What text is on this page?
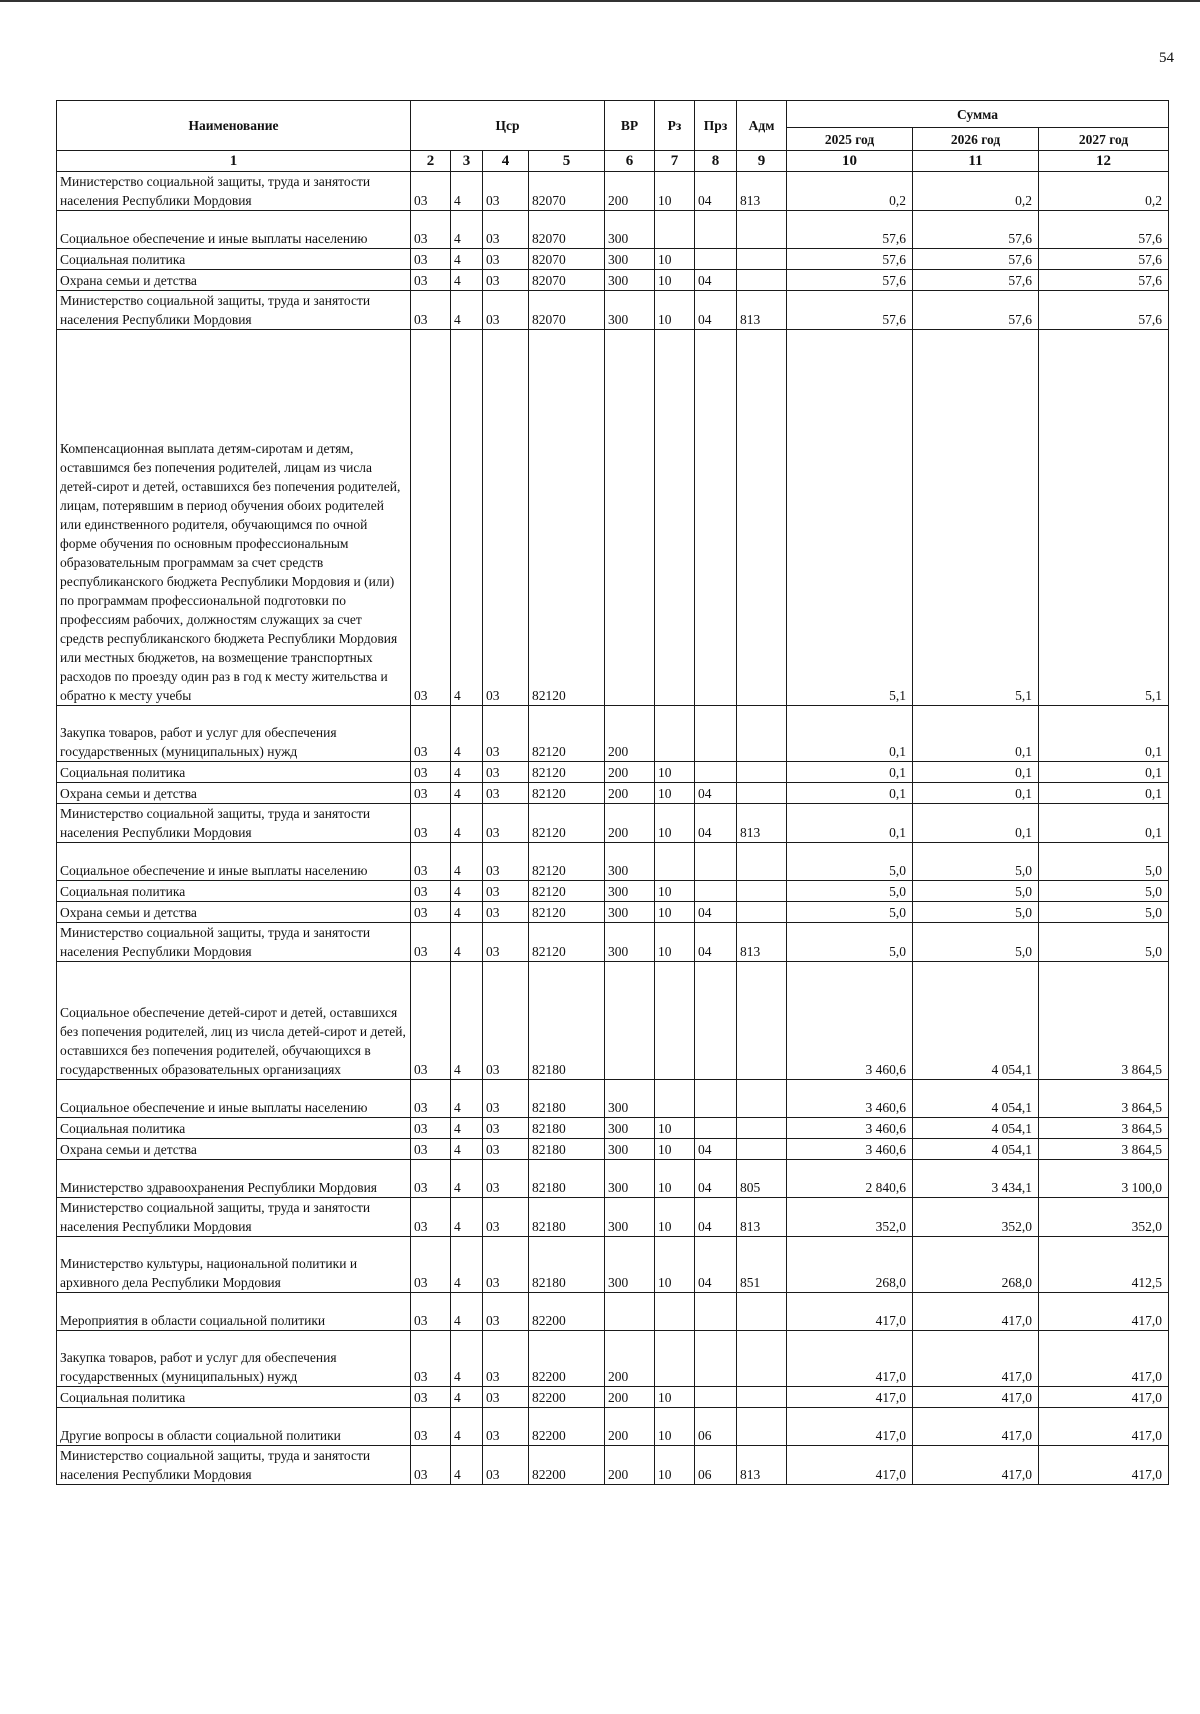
54
Наименование	Цср				ВР	Рз	Прз	Адм	Сумма		
									2025 год	2026 год	2027 год
1	2	3	4	5	6	7	8	9	10	11	12
Министерство социальной защиты, труда и занятости населения Республики Мордовия	03	4	03	82070	200	10	04	813	0,2	0,2	0,2
Социальное обеспечение и иные выплаты населению	03	4	03	82070	300				57,6	57,6	57,6
Социальная политика	03	4	03	82070	300	10			57,6	57,6	57,6
Охрана семьи и детства	03	4	03	82070	300	10	04		57,6	57,6	57,6
Министерство социальной защиты, труда и занятости населения Республики Мордовия	03	4	03	82070	300	10	04	813	57,6	57,6	57,6
Компенсационная выплата детям-сиротам и детям, оставшимся без попечения родителей, лицам из числа детей-сирот и детей, оставшихся без попечения родителей, лицам, потерявшим в период обучения обоих родителей или единственного родителя, обучающимся по очной форме обучения по основным профессиональным образовательным программам за счет средств республиканского бюджета Республики Мордовия и (или) по программам профессиональной подготовки по профессиям рабочих, должностям служащих за счет средств республиканского бюджета Республики Мордовия или местных бюджетов, на возмещение транспортных расходов по проезду один раз в год к месту жительства и обратно к месту учебы	03	4	03	82120					5,1	5,1	5,1
Закупка товаров, работ и услуг для обеспечения государственных (муниципальных) нужд	03	4	03	82120	200				0,1	0,1	0,1
Социальная политика	03	4	03	82120	200	10			0,1	0,1	0,1
Охрана семьи и детства	03	4	03	82120	200	10	04		0,1	0,1	0,1
Министерство социальной защиты, труда и занятости населения Республики Мордовия	03	4	03	82120	200	10	04	813	0,1	0,1	0,1
Социальное обеспечение и иные выплаты населению	03	4	03	82120	300				5,0	5,0	5,0
Социальная политика	03	4	03	82120	300	10			5,0	5,0	5,0
Охрана семьи и детства	03	4	03	82120	300	10	04		5,0	5,0	5,0
Министерство социальной защиты, труда и занятости населения Республики Мордовия	03	4	03	82120	300	10	04	813	5,0	5,0	5,0
Социальное обеспечение детей-сирот и детей, оставшихся без попечения родителей, лиц из числа детей-сирот и детей, оставшихся без попечения родителей, обучающихся в государственных образовательных организациях	03	4	03	82180					3 460,6	4 054,1	3 864,5
Социальное обеспечение и иные выплаты населению	03	4	03	82180	300				3 460,6	4 054,1	3 864,5
Социальная политика	03	4	03	82180	300	10			3 460,6	4 054,1	3 864,5
Охрана семьи и детства	03	4	03	82180	300	10	04		3 460,6	4 054,1	3 864,5
Министерство здравоохранения Республики Мордовия	03	4	03	82180	300	10	04	805	2 840,6	3 434,1	3 100,0
Министерство социальной защиты, труда и занятости населения Республики Мордовия	03	4	03	82180	300	10	04	813	352,0	352,0	352,0
Министерство культуры, национальной политики и архивного дела Республики Мордовия	03	4	03	82180	300	10	04	851	268,0	268,0	412,5
Мероприятия в области социальной политики	03	4	03	82200					417,0	417,0	417,0
Закупка товаров, работ и услуг для обеспечения государственных (муниципальных) нужд	03	4	03	82200	200				417,0	417,0	417,0
Социальная политика	03	4	03	82200	200	10			417,0	417,0	417,0
Другие вопросы в области социальной политики	03	4	03	82200	200	10	06		417,0	417,0	417,0
Министерство социальной защиты, труда и занятости населения Республики Мордовия	03	4	03	82200	200	10	06	813	417,0	417,0	417,0
